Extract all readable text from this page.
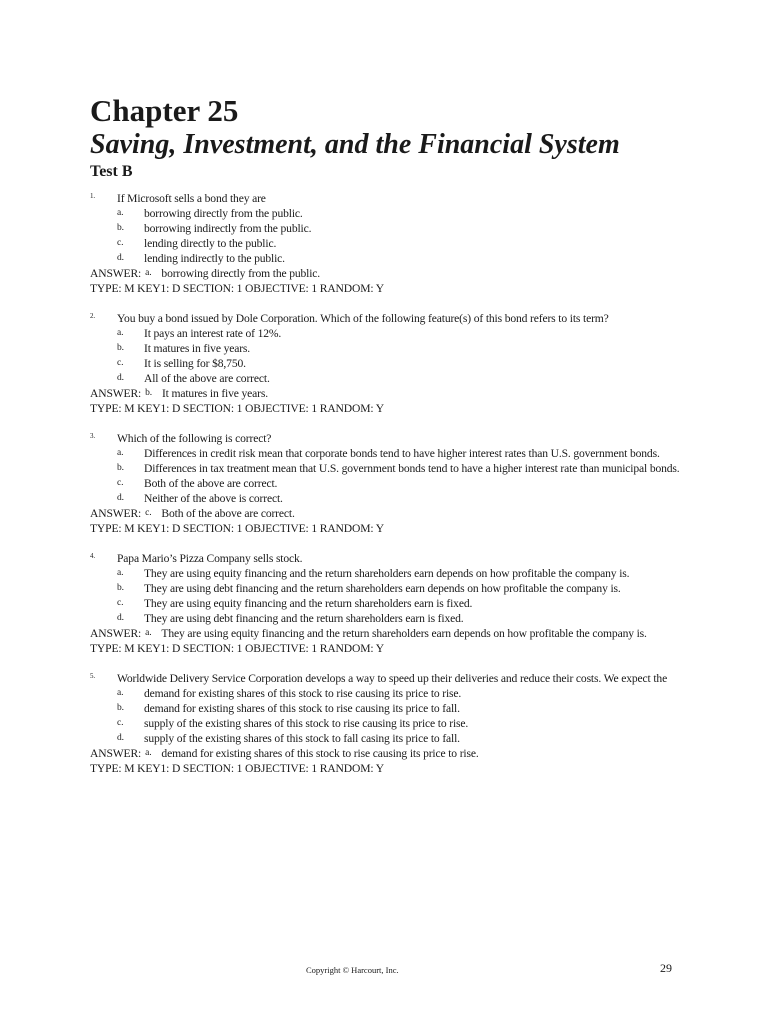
Chapter 25
Saving, Investment, and the Financial System
Test B
1.	If Microsoft sells a bond they are
a.	borrowing directly from the public.
b.	borrowing indirectly from the public.
c.	lending directly to the public.
d.	lending indirectly to the public.
ANSWER: a. borrowing directly from the public.
TYPE: M KEY1: D SECTION: 1 OBJECTIVE: 1 RANDOM: Y
2.	You buy a bond issued by Dole Corporation. Which of the following feature(s) of this bond refers to its term?
a.	It pays an interest rate of 12%.
b.	It matures in five years.
c.	It is selling for $8,750.
d.	All of the above are correct.
ANSWER: b. It matures in five years.
TYPE: M KEY1: D SECTION: 1 OBJECTIVE: 1 RANDOM: Y
3.	Which of the following is correct?
a.	Differences in credit risk mean that corporate bonds tend to have higher interest rates than U.S. government bonds.
b.	Differences in tax treatment mean that U.S. government bonds tend to have a higher interest rate than municipal bonds.
c.	Both of the above are correct.
d.	Neither of the above is correct.
ANSWER: c. Both of the above are correct.
TYPE: M KEY1: D SECTION: 1 OBJECTIVE: 1 RANDOM: Y
4.	Papa Mario’s Pizza Company sells stock.
a.	They are using equity financing and the return shareholders earn depends on how profitable the company is.
b.	They are using debt financing and the return shareholders earn depends on how profitable the company is.
c.	They are using equity financing and the return shareholders earn is fixed.
d.	They are using debt financing and the return shareholders earn is fixed.
ANSWER: a. They are using equity financing and the return shareholders earn depends on how profitable the company is.
TYPE: M KEY1: D SECTION: 1 OBJECTIVE: 1 RANDOM: Y
5.	Worldwide Delivery Service Corporation develops a way to speed up their deliveries and reduce their costs. We expect the
a.	demand for existing shares of this stock to rise causing its price to rise.
b.	demand for existing shares of this stock to rise causing its price to fall.
c.	supply of the existing shares of this stock to rise causing its price to rise.
d.	supply of the existing shares of this stock to fall casing its price to fall.
ANSWER: a. demand for existing shares of this stock to rise causing its price to rise.
TYPE: M KEY1: D SECTION: 1 OBJECTIVE: 1 RANDOM: Y
Copyright © Harcourt, Inc.	29
